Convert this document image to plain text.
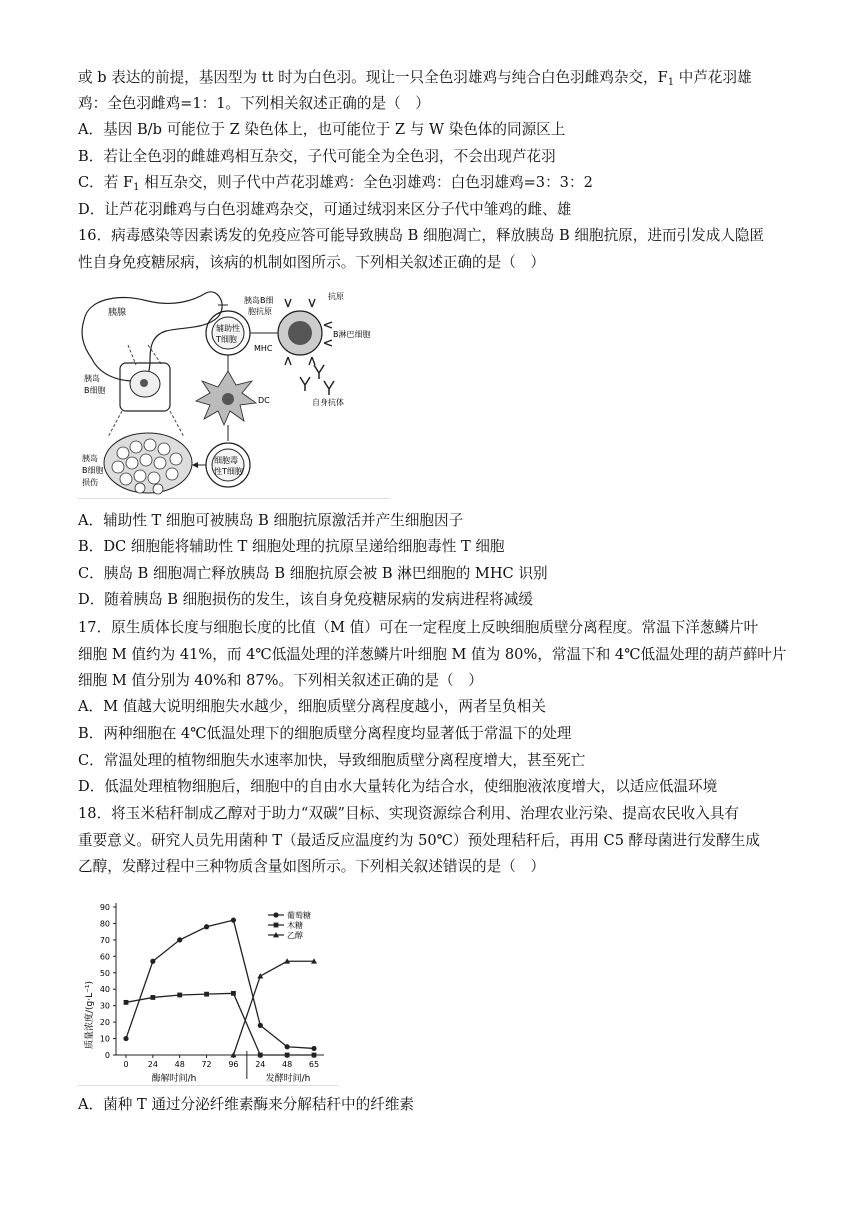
或 b 表达的前提，基因型为 tt 时为白色羽。现让一只全色羽雄鸡与纯合白色羽雌鸡杂交，$F_1$ 中芦花羽雄
鸡：全色羽雌鸡=1：1。下列相关叙述正确的是（　）
A．基因 B/b 可能位于 Z 染色体上，也可能位于 Z 与 W 染色体的同源区上
B．若让全色羽的雌雄鸡相互杂交，子代可能全为全色羽，不会出现芦花羽
C．若 $F_1$ 相互杂交，则子代中芦花羽雄鸡：全色羽雄鸡：白色羽雄鸡=3：3：2
D．让芦花羽雌鸡与白色羽雄鸡杂交，可通过绒羽来区分子代中雏鸡的雌、雄
16．病毒感染等因素诱发的免疫应答可能导致胰岛 B 细胞凋亡，释放胰岛 B 细胞抗原，进而引发成人隐匿
性自身免疫糖尿病，该病的机制如图所示。下列相关叙述正确的是（　）
胰腺
胰岛
B细胞
胰岛
B细胞
损伤
辅助性
T细胞
胰岛B细
胞抗原
MHC
抗原
B淋巴细胞
自身抗体
DC
细胞毒
性T细胞
A．辅助性 T 细胞可被胰岛 B 细胞抗原激活并产生细胞因子
B．DC 细胞能将辅助性 T 细胞处理的抗原呈递给细胞毒性 T 细胞
C．胰岛 B 细胞凋亡释放胰岛 B 细胞抗原会被 B 淋巴细胞的 MHC 识别
D．随着胰岛 B 细胞损伤的发生，该自身免疫糖尿病的发病进程将减缓
17．原生质体长度与细胞长度的比值（M 值）可在一定程度上反映细胞质壁分离程度。常温下洋葱鳞片叶
细胞 M 值约为 41%，而 4℃低温处理的洋葱鳞片叶细胞 M 值为 80%，常温下和 4℃低温处理的葫芦藓叶片
细胞 M 值分别为 40%和 87%。下列相关叙述正确的是（　）
A．M 值越大说明细胞失水越少，细胞质壁分离程度越小，两者呈负相关
B．两种细胞在 4℃低温处理下的细胞质壁分离程度均显著低于常温下的处理
C．常温处理的植物细胞失水速率加快，导致细胞质壁分离程度增大，甚至死亡
D．低温处理植物细胞后，细胞中的自由水大量转化为结合水，使细胞液浓度增大，以适应低温环境
18．将玉米秸秆制成乙醇对于助力“双碳”目标、实现资源综合利用、治理农业污染、提高农民收入具有
重要意义。研究人员先用菌种 T（最适反应温度约为 50℃）预处理秸秆后，再用 C5 酵母菌进行发酵生成
乙醇，发酵过程中三种物质含量如图所示。下列相关叙述错误的是（　）
质量浓度/(g·L⁻¹)
0
10
20
30
40
50
60
70
80
90
0 24 48 72 96 24 48 65
葡萄糖
木糖
乙醇
酶解时间/h	发酵时间/h
A．菌种 T 通过分泌纤维素酶来分解秸秆中的纤维素
